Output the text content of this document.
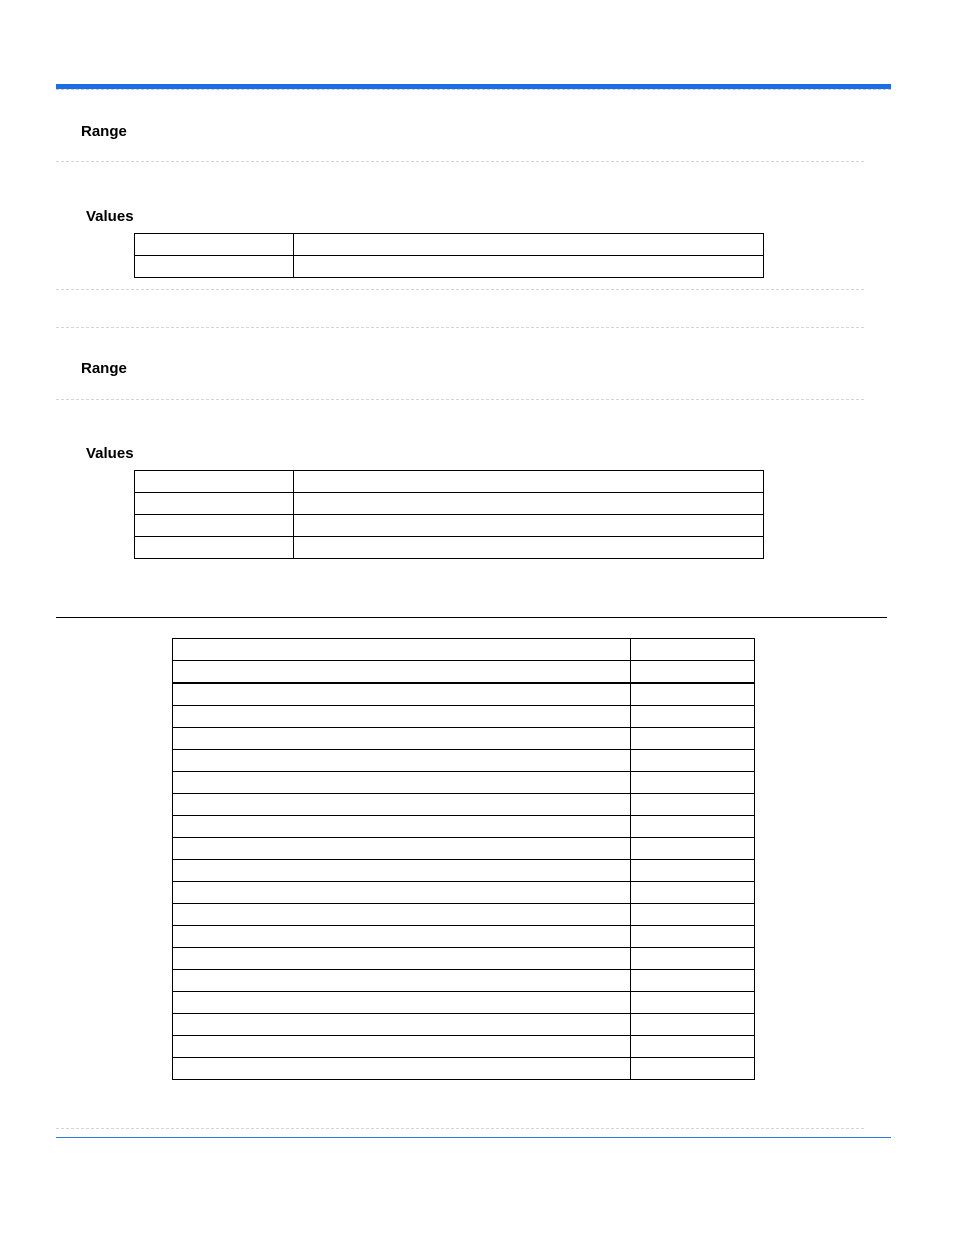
Range

Values

Range

Values
